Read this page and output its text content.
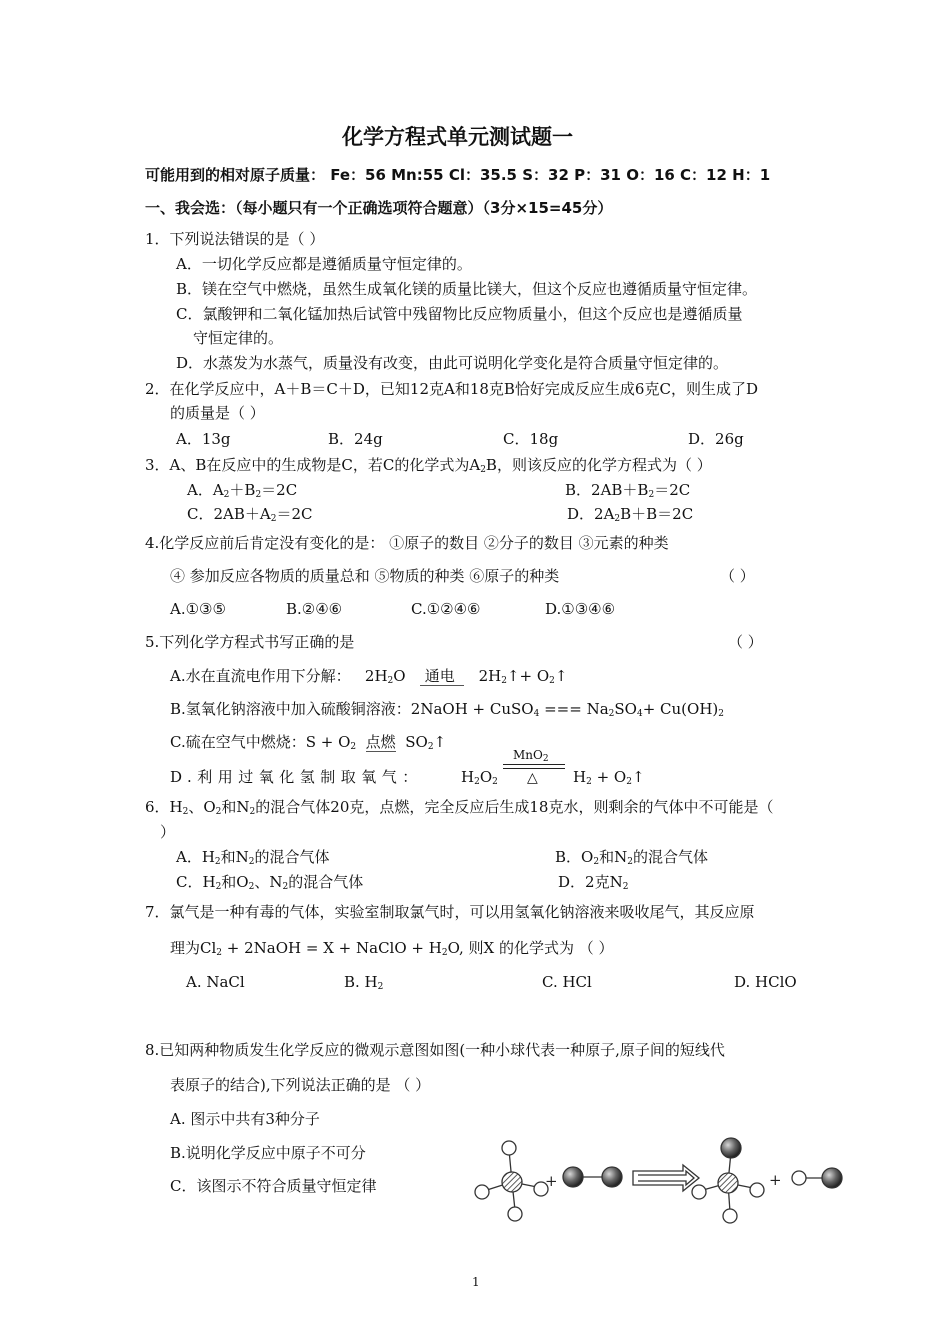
化学方程式单元测试题一
可能用到的相对原子质量： Fe：56 Mn:55 Cl：35.5 S：32 P：31 O：16 C：12 H：1
一、我会选：（每小题只有一个正确选项符合题意）（3分×15=45分）
1．下列说法错误的是（ ）
A．一切化学反应都是遵循质量守恒定律的。
B．镁在空气中燃烧，虽然生成氧化镁的质量比镁大，但这个反应也遵循质量守恒定律。
C．氯酸钾和二氧化锰加热后试管中残留物比反应物质量小，但这个反应也是遵循质量
守恒定律的。
D．水蒸发为水蒸气，质量没有改变，由此可说明化学变化是符合质量守恒定律的。
2．在化学反应中，A＋B＝C＋D，已知12克A和18克B恰好完成反应生成6克C，则生成了D
的质量是（ ）
A．13g	B．24g	C．18g	D．26g
3．A、B在反应中的生成物是C，若C的化学式为$A_2B$，则该反应的化学方程式为（ ）
A．$A_2+B_2=2C$	B．$2AB+B_2=2C$
C．$2AB+A_2=2C$	D．$2A_2B+B=2C$
4.化学反应前后肯定没有变化的是： ①原子的数目 ②分子的数目 ③元素的种类
④ 参加反应各物质的质量总和 ⑤物质的种类 ⑥原子的种类	（ ）
A.①③⑤	B.②④⑥	C.①②④⑥	D.①③④⑥
5.下列化学方程式书写正确的是	（ ）
A.水在直流电作用下分解： $2H_2O$ 通电 $2H_2↑+$ $O_2↑$
B.氢氧化钠溶液中加入硫酸铜溶液：2NaOH + CuSO$_4$ === $Na_2SO_4+ Cu(OH)_2$
C.硫在空气中燃烧：$S + O_2$ 点燃 $SO_2↑$
D.利用过氧化氢制取氧气：	$H_2O_2$
MnO$_2$
△ $H_2$ + $O_2↑$
6．$H_2$、$O_2$和$N_2$的混合气体20克，点燃，完全反应后生成18克水，则剩余的气体中不可能是（
）
A．$H_2$和$N_2$的混合气体	B．$O_2$和$N_2$的混合气体
C．$H_2$和$O_2$、$N_2$的混合气体	D．2克$N_2$
7．氯气是一种有毒的气体，实验室制取氯气时，可以用氢氧化钠溶液来吸收尾气，其反应原
理为$Cl_2$ + 2NaOH = X + NaClO + $H_2O$, 则X 的化学式为 （ ）
A. NaCl	B. $H_2$	C. HCl	D. HClO
8.已知两种物质发生化学反应的微观示意图如图(一种小球代表一种原子,原子间的短线代
表原子的结合),下列说法正确的是 （ ）
A. 图示中共有3种分子
B.说明化学反应中原子不可分
C．该图示不符合质量守恒定律	+	+
1
